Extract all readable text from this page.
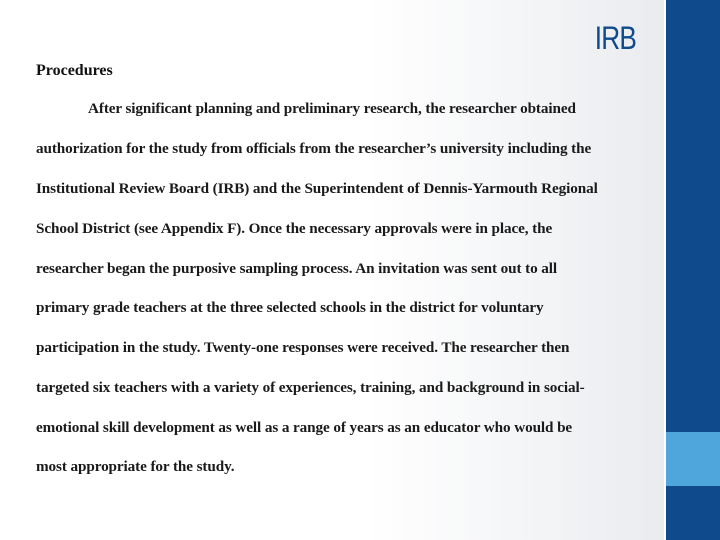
IRB
Procedures
After significant planning and preliminary research, the researcher obtained
authorization for the study from officials from the researcher’s university including the
Institutional Review Board (IRB) and the Superintendent of Dennis-Yarmouth Regional
School District (see Appendix F). Once the necessary approvals were in place, the
researcher began the purposive sampling process. An invitation was sent out to all
primary grade teachers at the three selected schools in the district for voluntary
participation in the study. Twenty-one responses were received. The researcher then
targeted six teachers with a variety of experiences, training, and background in social-
emotional skill development as well as a range of years as an educator who would be
most appropriate for the study.
